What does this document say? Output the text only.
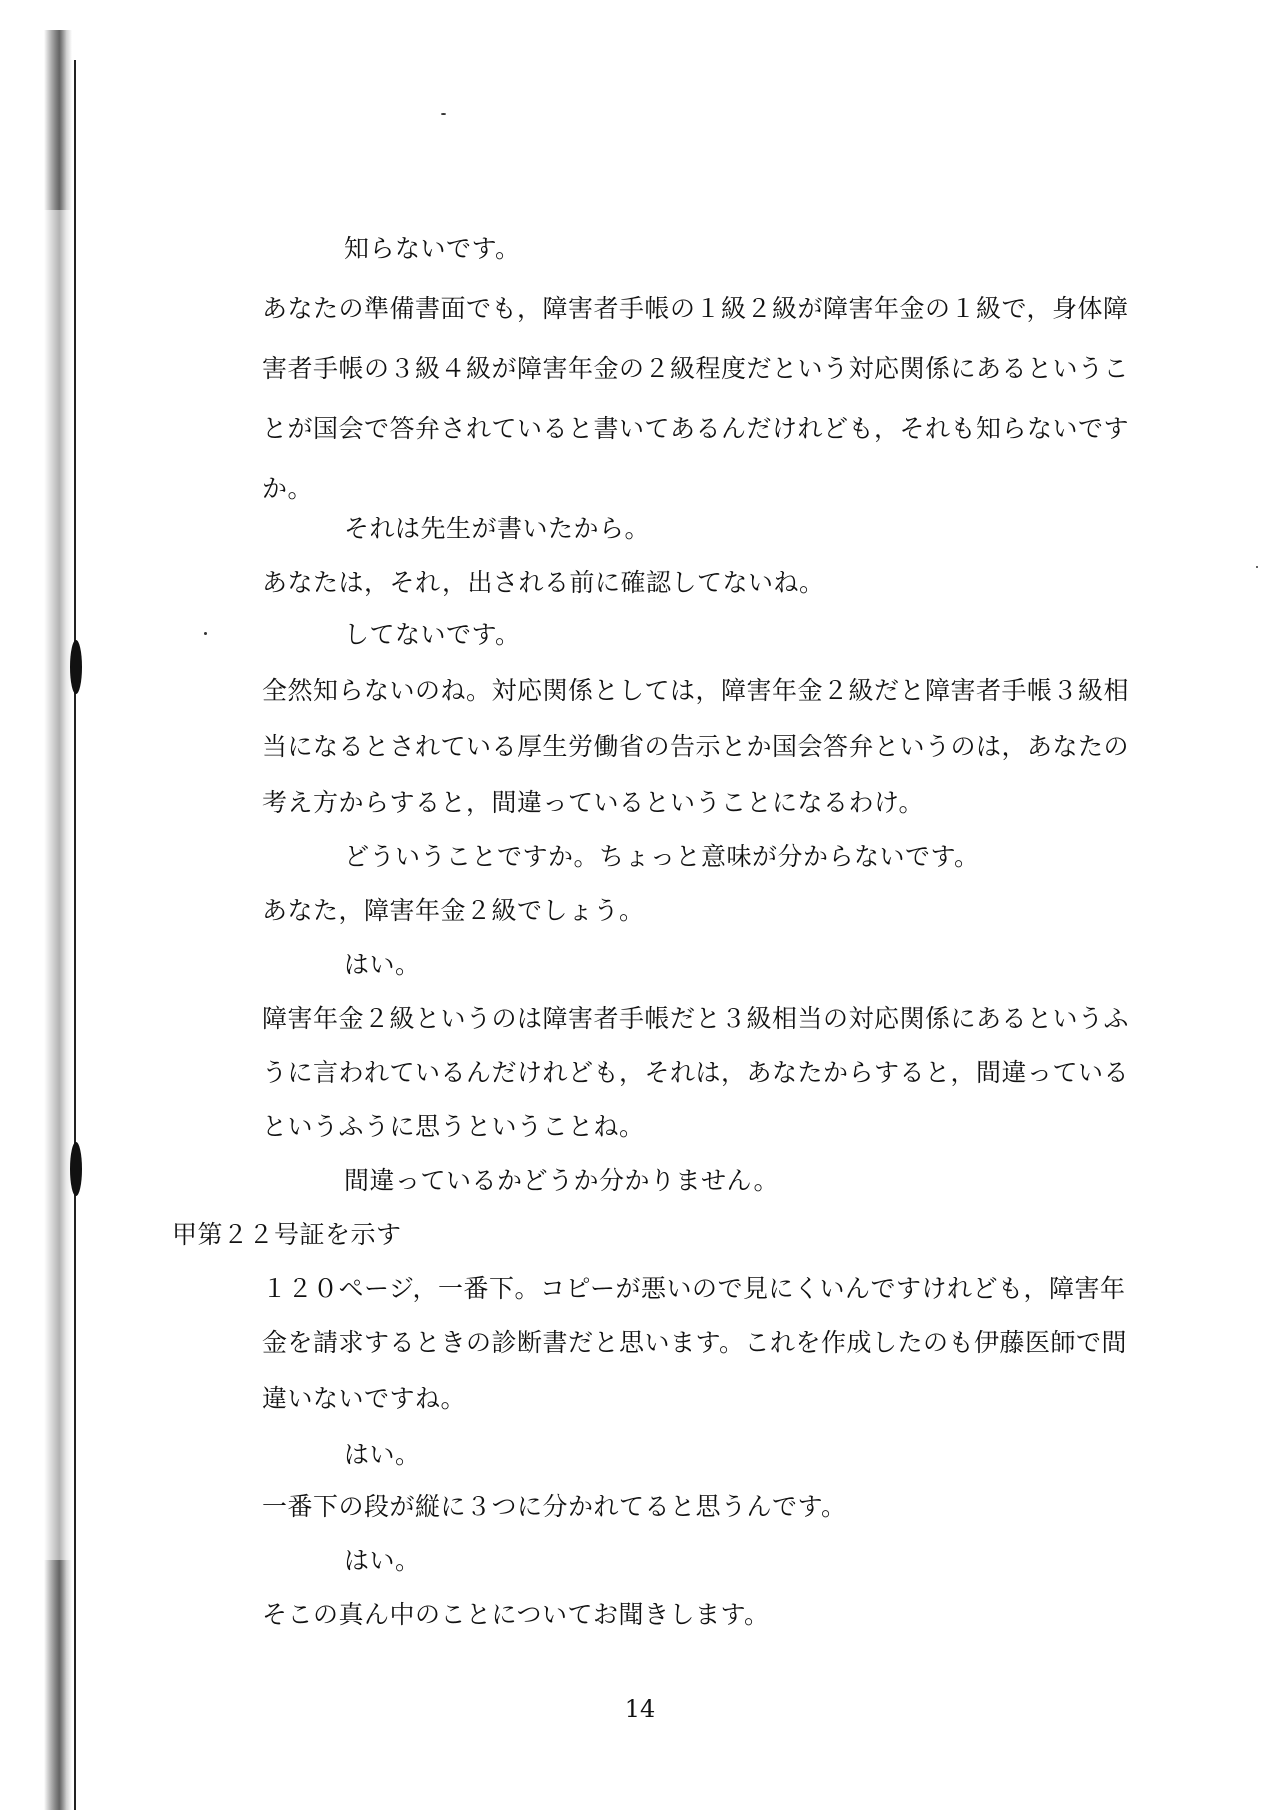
知らないです。
あなたの準備書面でも，障害者手帳の１級２級が障害年金の１級で，身体障
害者手帳の３級４級が障害年金の２級程度だという対応関係にあるというこ
とが国会で答弁されていると書いてあるんだけれども，それも知らないです
か。
それは先生が書いたから。
あなたは，それ，出される前に確認してないね。
してないです。
全然知らないのね。対応関係としては，障害年金２級だと障害者手帳３級相
当になるとされている厚生労働省の告示とか国会答弁というのは，あなたの
考え方からすると，間違っているということになるわけ。
どういうことですか。ちょっと意味が分からないです。
あなた，障害年金２級でしょう。
はい。
障害年金２級というのは障害者手帳だと３級相当の対応関係にあるというふ
うに言われているんだけれども，それは，あなたからすると，間違っている
というふうに思うということね。
間違っているかどうか分かりません。
甲第２２号証を示す
１２０ページ，一番下。コピーが悪いので見にくいんですけれども，障害年
金を請求するときの診断書だと思います。これを作成したのも伊藤医師で間
違いないですね。
はい。
一番下の段が縦に３つに分かれてると思うんです。
はい。
そこの真ん中のことについてお聞きします。
14
